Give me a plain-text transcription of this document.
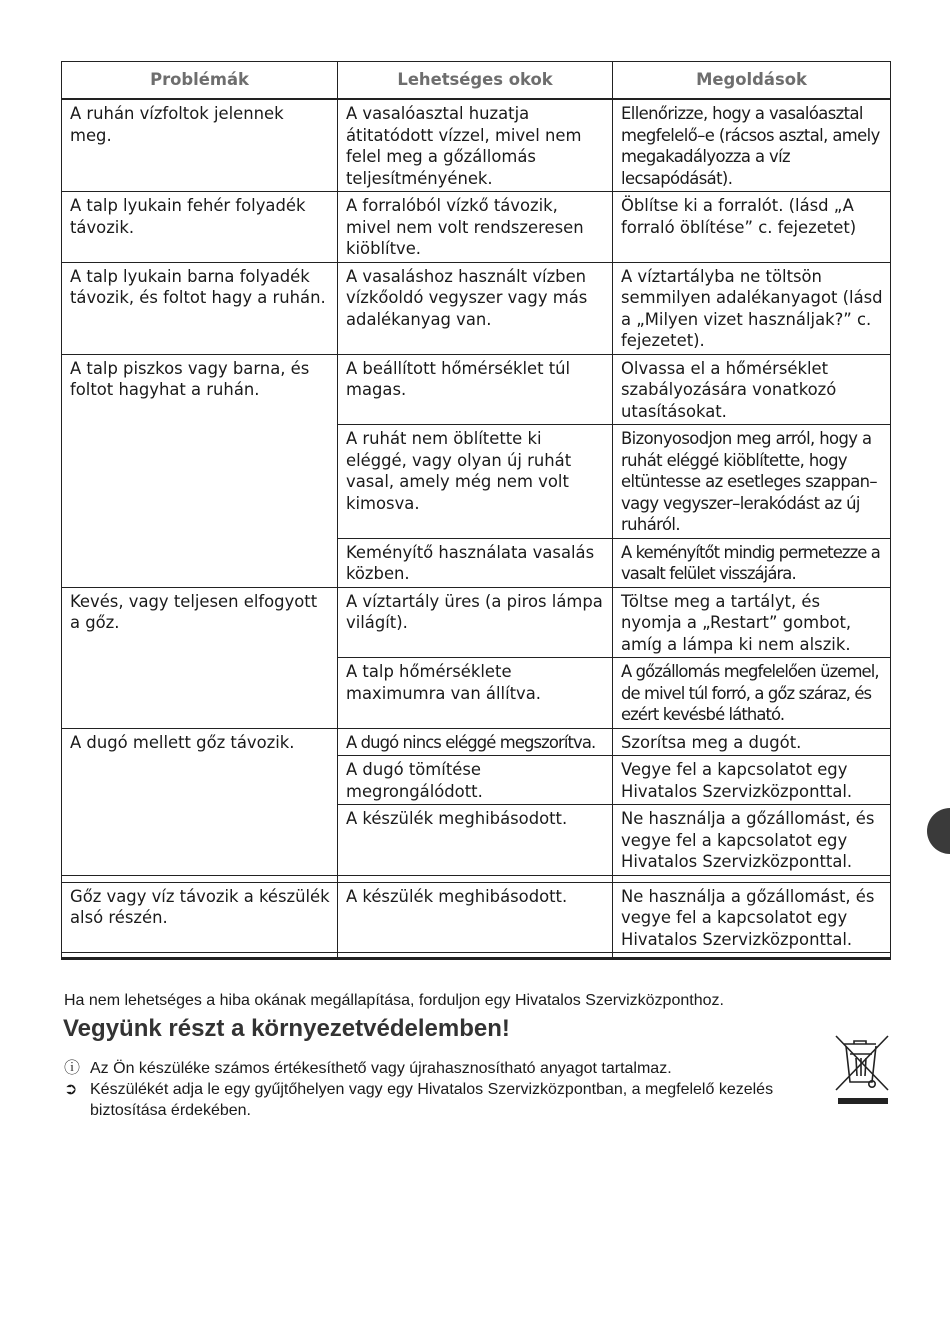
Problémák	Lehetséges okok	Megoldások
A ruhán vízfoltok jelennek meg.	A vasalóasztal huzatja átitatódott vízzel, mivel nem felel meg a gőzállomás teljesítményének.	Ellenőrizze, hogy a vasalóasztal megfelelő–e (rácsos asztal, amely megakadályozza a víz lecsapódását).
A talp lyukain fehér folyadék távozik.	A forralóból vízkő távozik, mivel nem volt rendszeresen kiöblítve.	Öblítse ki a forralót. (lásd „A forraló öblítése” c. fejezetet)
A talp lyukain barna folyadék távozik, és foltot hagy a ruhán.	A vasaláshoz használt vízben vízkőoldó vegyszer vagy más adalékanyag van.	A víztartályba ne töltsön semmilyen adalékanyagot (lásd a „Milyen vizet használjak?” c. fejezetet).
A talp piszkos vagy barna, és foltot hagyhat a ruhán.	A beállított hőmérséklet túl magas.	Olvassa el a hőmérséklet szabályozására vonatkozó utasításokat.
	A ruhát nem öblítette ki eléggé, vagy olyan új ruhát vasal, amely még nem volt kimosva.	Bizonyosodjon meg arról, hogy a ruhát eléggé kiöblítette, hogy eltüntesse az esetleges szappan– vagy vegyszer–lerakódást az új ruháról.
	Keményítő használata vasalás közben.	A keményítőt mindig permetezze a vasalt felület visszájára.
Kevés, vagy teljesen elfogyott a gőz.	A víztartály üres (a piros lámpa világít).	Töltse meg a tartályt, és nyomja a „Restart” gombot, amíg a lámpa ki nem alszik.
	A talp hőmérséklete maximumra van állítva.	A gőzállomás megfelelően üzemel, de mivel túl forró, a gőz száraz, és ezért kevésbé látható.
A dugó mellett gőz távozik.	A dugó nincs eléggé megszorítva.	Szorítsa meg a dugót.
	A dugó tömítése megrongálódott.	Vegye fel a kapcsolatot egy Hivatalos Szervizközponttal.
	A készülék meghibásodott.	Ne használja a gőzállomást, és vegye fel a kapcsolatot egy Hivatalos Szervizközponttal.

Gőz vagy víz távozik a készülék alsó részén.	A készülék meghibásodott.	Ne használja a gőzállomást, és vegye fel a kapcsolatot egy Hivatalos Szervizközponttal.

Ha nem lehetséges a hiba okának megállapítása, forduljon egy Hivatalos Szervizközponthoz.
Vegyünk részt a környezetvédelemben!
ⓘ Az Ön készüléke számos értékesíthető vagy újrahasznosítható anyagot tartalmaz.
➲ Készülékét adja le egy gyűjtőhelyen vagy egy Hivatalos Szervizközpontban, a megfelelő kezelés biztosítása érdekében.
